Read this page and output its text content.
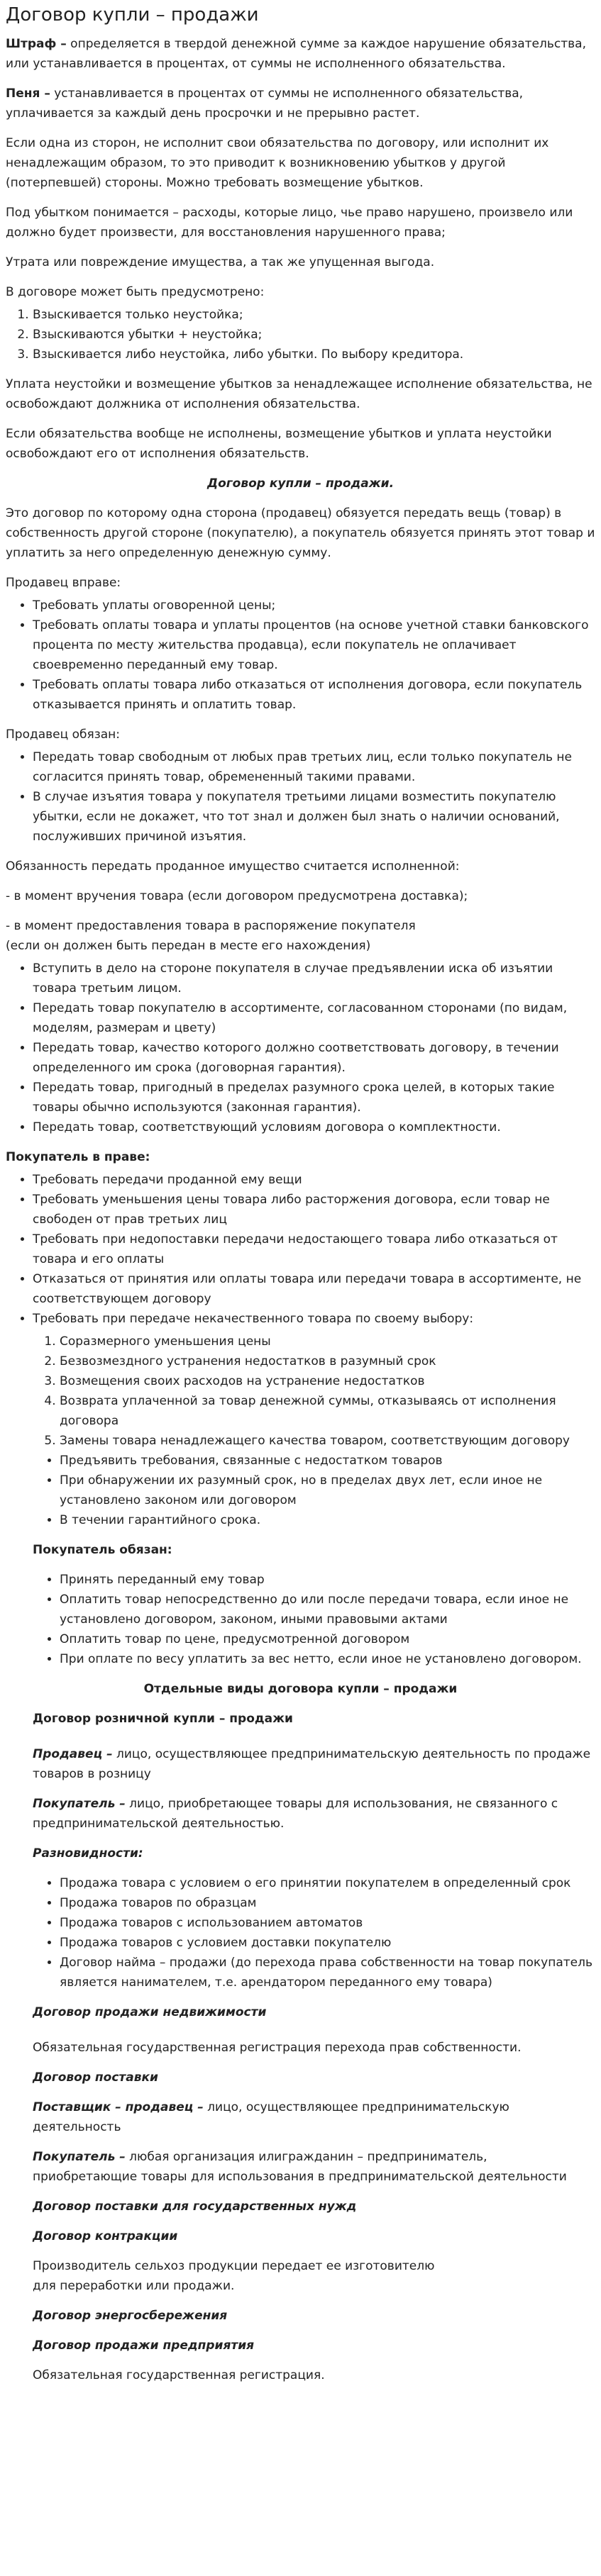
Договор купли – продажи

Штраф – определяется в твердой денежной сумме за каждое нарушение обязательства, или устанавливается в процентах, от суммы не исполненного обязательства.

Пеня – устанавливается в процентах от суммы не исполненного обязательства, уплачивается за каждый день просрочки и не прерывно растет.

Если одна из сторон, не исполнит свои обязательства по договору, или исполнит их ненадлежащим образом, то это приводит к возникновению убытков у другой (потерпевшей) стороны. Можно требовать возмещение убытков.

Под убытком понимается – расходы, которые лицо, чье право нарушено, произвело или должно будет произвести, для восстановления нарушенного права;

Утрата или повреждение имущества, а так же упущенная выгода.

В договоре может быть предусмотрено:

1. Взыскивается только неустойка;
2. Взыскиваются убытки + неустойка;
3. Взыскивается либо неустойка, либо убытки. По выбору кредитора.

Уплата неустойки и возмещение убытков за ненадлежащее исполнение обязательства, не освобождают должника от исполнения обязательства.

Если обязательства вообще не исполнены, возмещение убытков и уплата неустойки освобождают его от исполнения обязательств.

Договор купли – продажи.

Это договор по которому одна сторона (продавец) обязуется передать вещь (товар) в собственность другой стороне (покупателю), а покупатель обязуется принять этот товар и уплатить за него определенную денежную сумму.

Продавец вправе:

• Требовать уплаты оговоренной цены;
• Требовать оплаты товара и уплаты процентов (на основе учетной ставки банковского процента по месту жительства продавца), если покупатель не оплачивает своевременно переданный ему товар.
• Требовать оплаты товара либо отказаться от исполнения договора, если покупатель отказывается принять и оплатить товар.

Продавец обязан:

• Передать товар свободным от любых прав третьих лиц, если только покупатель не согласится принять товар, обремененный такими правами.
• В случае изъятия товара у покупателя третьими лицами возместить покупателю убытки, если не докажет, что тот знал и должен был знать о наличии оснований, послуживших причиной изъятия.

Обязанность передать проданное имущество считается исполненной:

- в момент вручения товара (если договором предусмотрена доставка);

- в момент предоставления товара в распоряжение покупателя
(если он должен быть передан в месте его нахождения)

• Вступить в дело на стороне покупателя в случае предъявлении иска об изъятии товара третьим лицом.
• Передать товар покупателю в ассортименте, согласованном сторонами (по видам, моделям, размерам и цвету)
• Передать товар, качество которого должно соответствовать договору, в течении определенного им срока (договорная гарантия).
• Передать товар, пригодный в пределах разумного срока целей, в которых такие товары обычно используются (законная гарантия).
• Передать товар, соответствующий условиям договора о комплектности.

Покупатель в праве:

• Требовать передачи проданной ему вещи
• Требовать уменьшения цены товара либо расторжения договора, если товар не свободен от прав третьих лиц
• Требовать при недопоставки передачи недостающего товара либо отказаться от товара и его оплаты
• Отказаться от принятия или оплаты товара или передачи товара в ассортименте, не соответствующем договору
• Требовать при передаче некачественного товара по своему выбору:
1. Соразмерного уменьшения цены
2. Безвозмездного устранения недостатков в разумный срок
3. Возмещения своих расходов на устранение недостатков
4. Возврата уплаченной за товар денежной суммы, отказываясь от исполнения договора
5. Замены товара ненадлежащего качества товаром, соответствующим договору
• Предъявить требования, связанные с недостатком товаров
• При обнаружении их разумный срок, но в пределах двух лет, если иное не установлено законом или договором
• В течении гарантийного срока.

Покупатель обязан:

• Принять переданный ему товар
• Оплатить товар непосредственно до или после передачи товара, если иное не установлено договором, законом, иными правовыми актами
• Оплатить товар по цене, предусмотренной договором
• При оплате по весу уплатить за вес нетто, если иное не установлено договором.

Отдельные виды договора купли – продажи

Договор розничной купли – продажи

Продавец – лицо, осуществляющее предпринимательскую деятельность по продаже товаров в розницу

Покупатель – лицо, приобретающее товары для использования, не связанного с предпринимательской деятельностью.

Разновидности:

• Продажа товара с условием о его принятии покупателем в определенный срок
• Продажа товаров по образцам
• Продажа товаров с использованием автоматов
• Продажа товаров с условием доставки покупателю
• Договор найма – продажи (до перехода права собственности на товар покупатель является нанимателем, т.е. арендатором переданного ему товара)

Договор продажи недвижимости

Обязательная государственная регистрация перехода прав собственности.

Договор поставки

Поставщик – продавец – лицо, осуществляющее предпринимательскую деятельность

Покупатель – любая организация илигражданин – предприниматель, приобретающие товары для использования в предпринимательской деятельности

Договор поставки для государственных нужд

Договор контракции

Производитель сельхоз продукции передает ее изготовителю
для переработки или продажи.

Договор энергосбережения

Договор продажи предприятия

Обязательная государственная регистрация.
